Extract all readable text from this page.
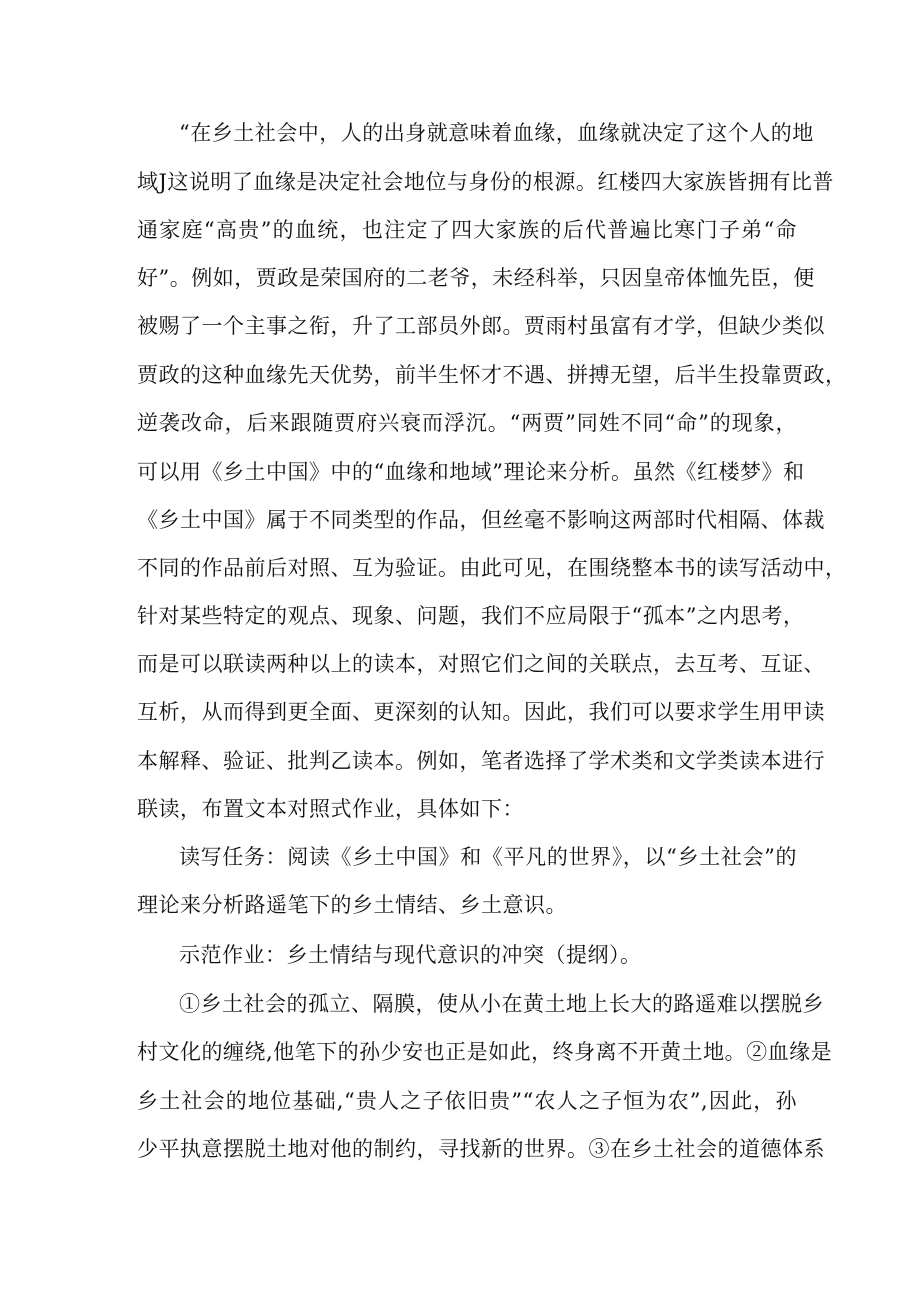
“在乡土社会中，人的出身就意味着血缘，血缘就决定了这个人的地
域J这说明了血缘是决定社会地位与身份的根源。红楼四大家族皆拥有比普
通家庭“高贵”的血统，也注定了四大家族的后代普遍比寒门子弟“命
好”。例如，贾政是荣国府的二老爷，未经科举，只因皇帝体恤先臣，便
被赐了一个主事之衔，升了工部员外郎。贾雨村虽富有才学，但缺少类似
贾政的这种血缘先天优势，前半生怀才不遇、拼搏无望，后半生投靠贾政，
逆袭改命，后来跟随贾府兴衰而浮沉。“两贾”同姓不同“命”的现象，
可以用《乡土中国》中的“血缘和地域”理论来分析。虽然《红楼梦》和
《乡土中国》属于不同类型的作品，但丝毫不影响这两部时代相隔、体裁
不同的作品前后对照、互为验证。由此可见，在围绕整本书的读写活动中，
针对某些特定的观点、现象、问题，我们不应局限于“孤本”之内思考，
而是可以联读两种以上的读本，对照它们之间的关联点，去互考、互证、
互析，从而得到更全面、更深刻的认知。因此，我们可以要求学生用甲读
本解释、验证、批判乙读本。例如，笔者选择了学术类和文学类读本进行
联读，布置文本对照式作业，具体如下：
读写任务：阅读《乡土中国》和《平凡的世界》，以“乡土社会”的
理论来分析路遥笔下的乡土情结、乡土意识。
示范作业：乡土情结与现代意识的冲突（提纲）。
①乡土社会的孤立、隔膜，使从小在黄土地上长大的路遥难以摆脱乡
村文化的缠绕,他笔下的孙少安也正是如此，终身离不开黄土地。②血缘是
乡土社会的地位基础,“贵人之子依旧贵”“农人之子恒为农”,因此，孙
少平执意摆脱土地对他的制约，寻找新的世界。③在乡土社会的道德体系
